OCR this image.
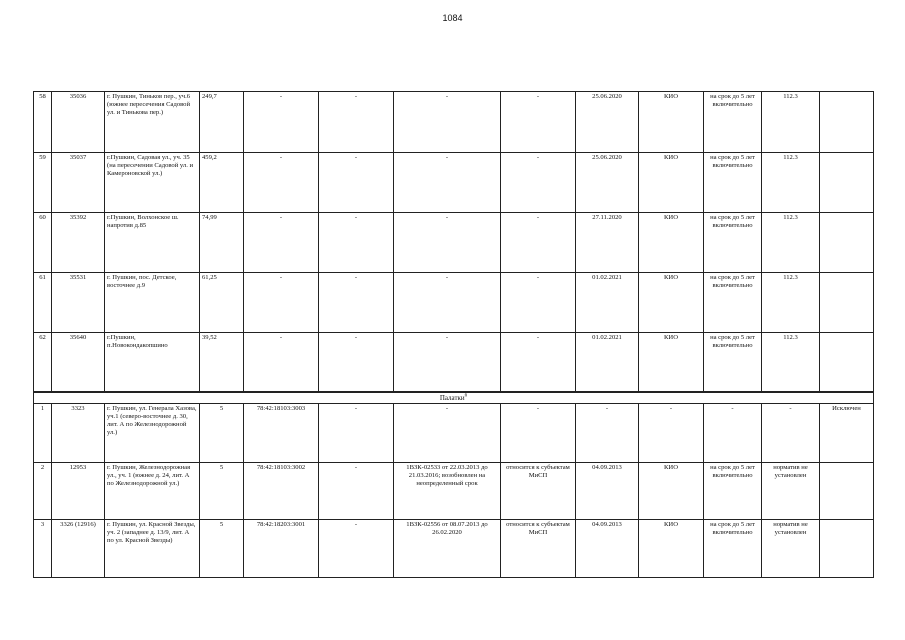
1084
58	35036	г. Пушкин, Тиньков пер., уч.6 (южнее пересечения Садовой ул. и Тинькова пер.)	249,7	-	-	-	-	25.06.2020	КИО	на срок до 5 лет включительно	112.3	
59	35037	г.Пушкин, Садовая ул., уч. 35 (на пересечении Садовой ул. и Камероновской ул.)	459,2	-	-	-	-	25.06.2020	КИО	на срок до 5 лет включительно	112.3	
60	35392	г.Пушкин, Волхонское ш. напротив д.85	74,99	-	-	-	-	27.11.2020	КИО	на срок до 5 лет включительно	112.3	
61	35531	г. Пушкин, пос. Детское, восточнее д.9	61,25	-	-	-	-	01.02.2021	КИО	на срок до 5 лет включительно	112.3	
62	35640	г.Пушкин, п.Новокондакопшино	39,52	-	-	-	-	01.02.2021	КИО	на срок до 5 лет включительно	112.3	
Палатки$^6$
1	3323	г. Пушкин, ул. Генерала Хазова, уч.1 (северо-восточнее д. 30, лит. А по Железнодорожной ул.)	5	78:42:18103:3003	-	-	-	-	-	-	-	Исключен
2	12953	г. Пушкин, Железнодорожная ул., уч. 1 (южнее д. 24, лит. А по Железнодорожной ул.)	5	78:42:18103:3002	-	1ВЗК-02533 от 22.03.2013 до 21.03.2016; возобновлен на неопределенный срок	относится к субъектам МиСП	04.09.2013	КИО	на срок до 5 лет включительно	норматив не установлен	
3	3326 (12916)	г. Пушкин, ул. Красной Звезды, уч. 2 (западнее д. 13/9, лит. А по ул. Красной Звезды)	5	78:42:18203:3001	-	1ВЗК-02556 от 08.07.2013 до 26.02.2020	относится к субъектам МиСП	04.09.2013	КИО	на срок до 5 лет включительно	норматив не установлен	
